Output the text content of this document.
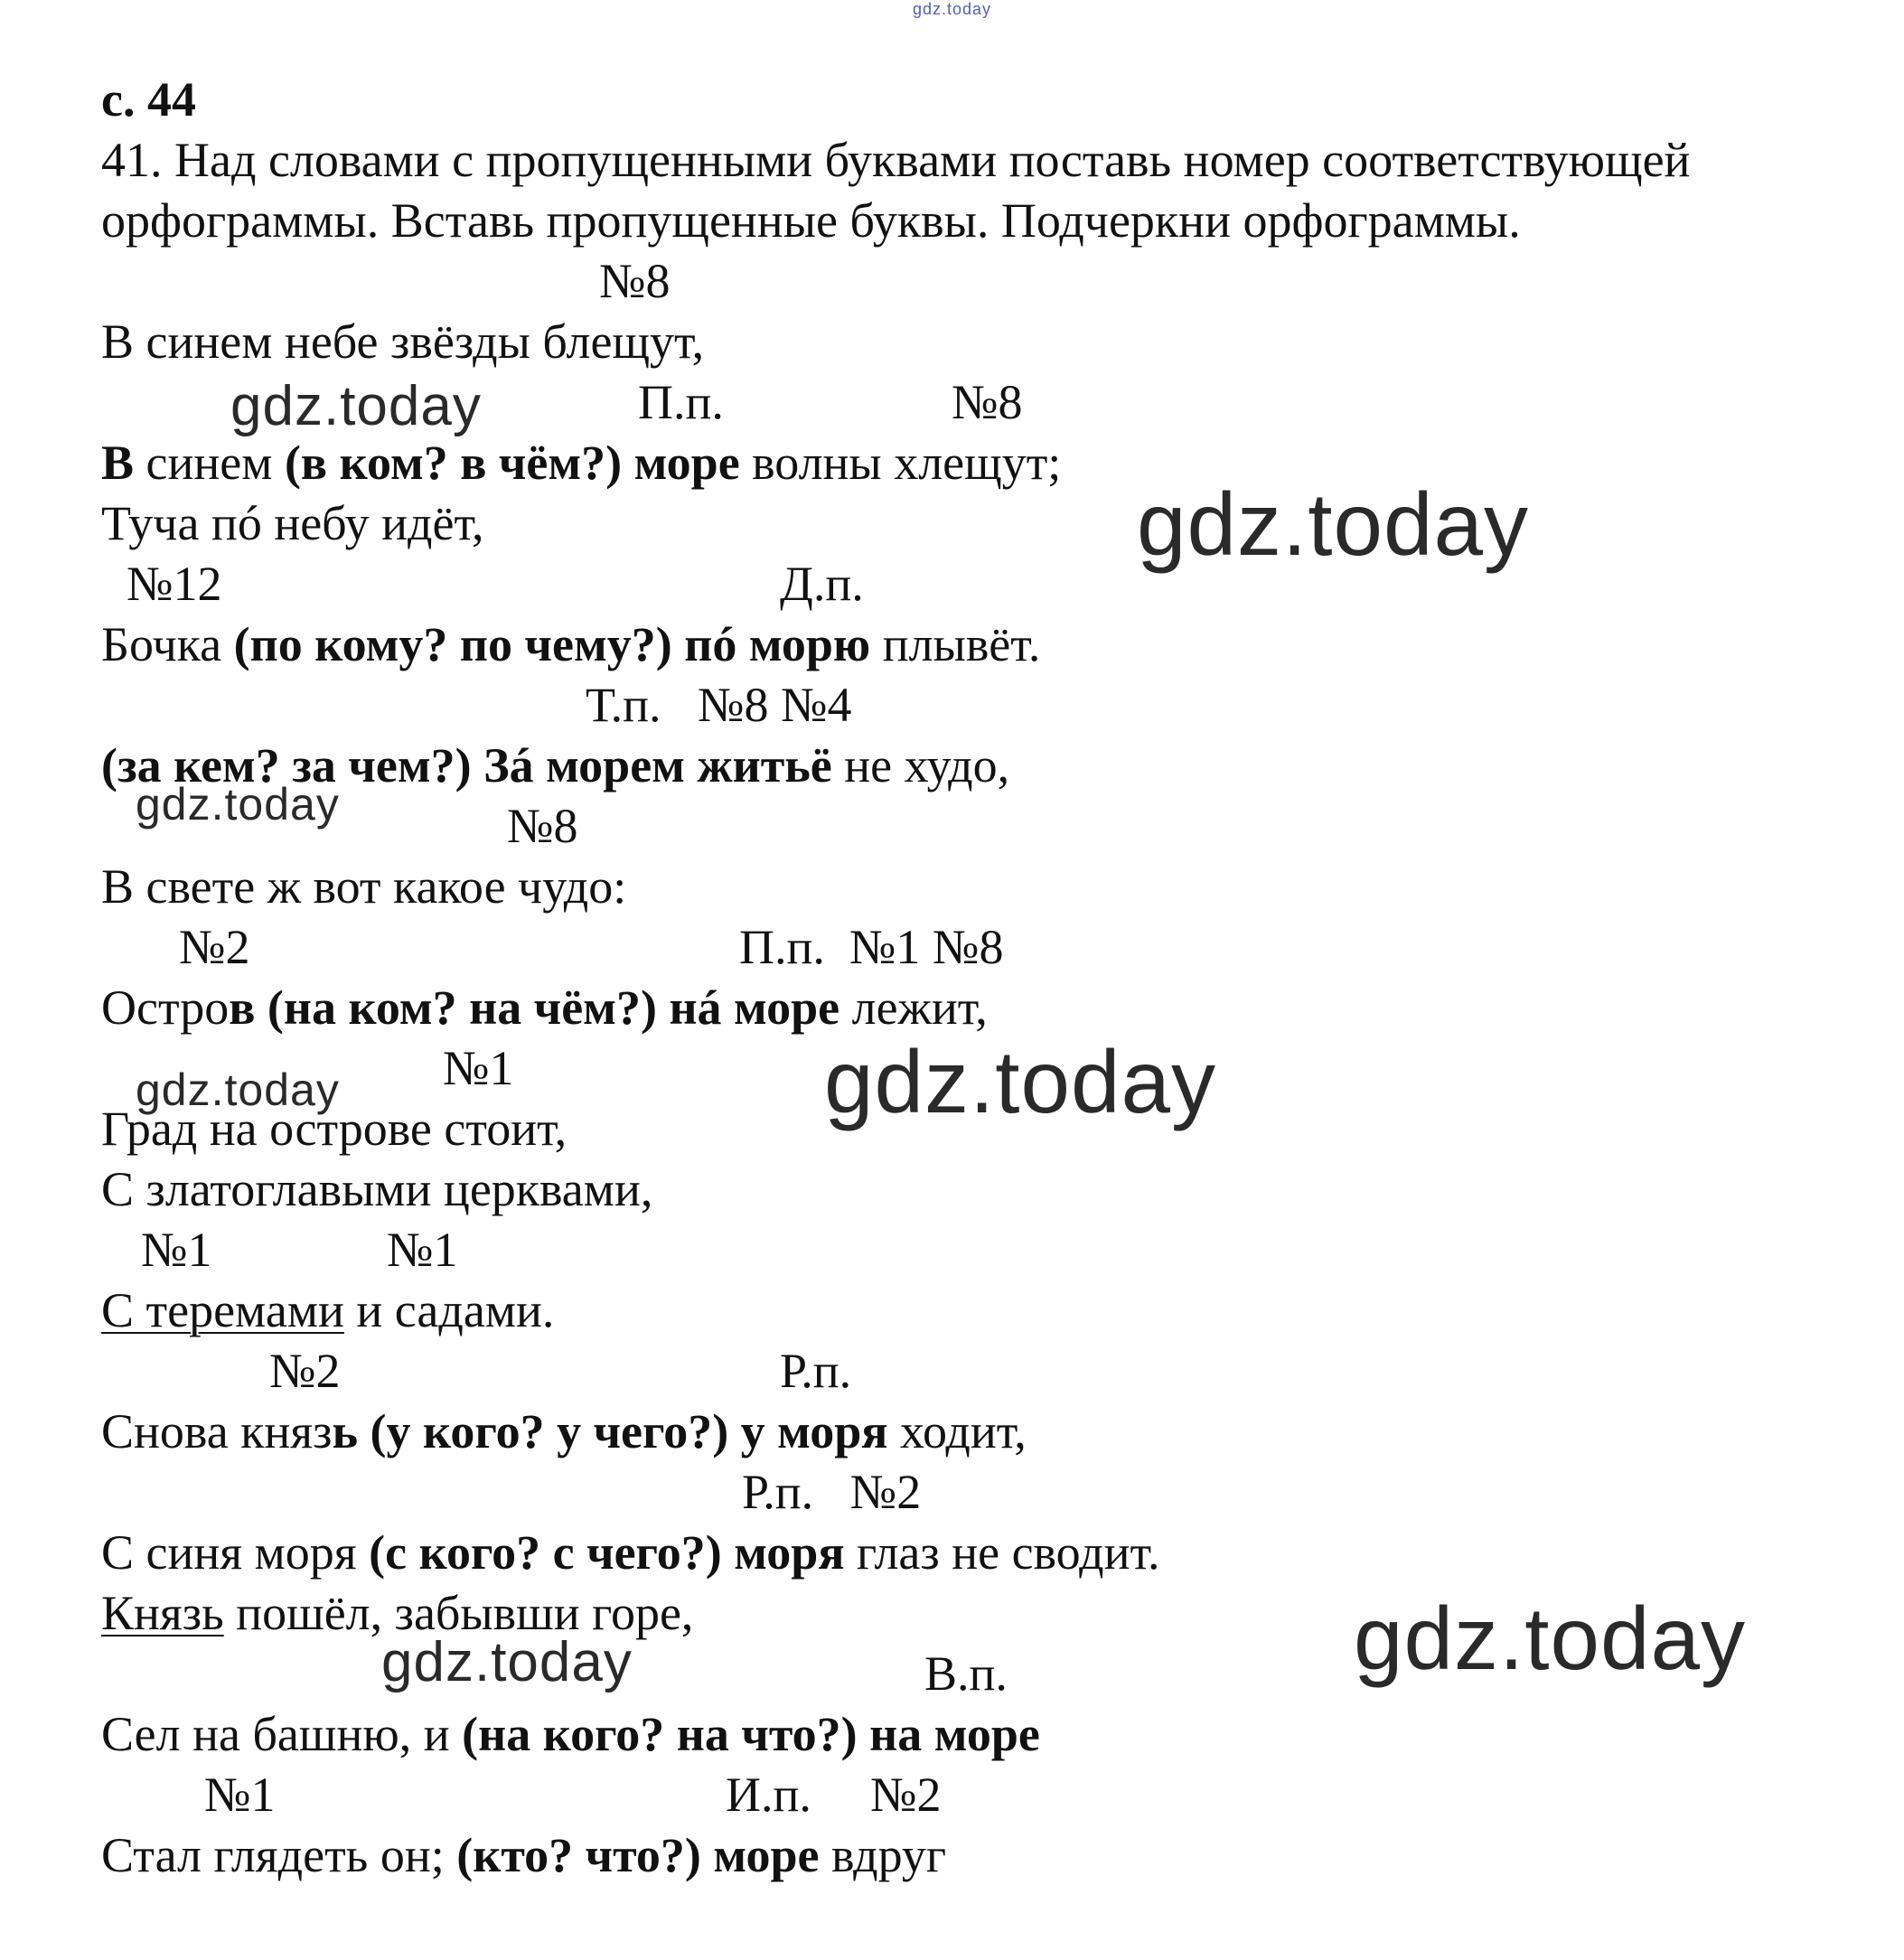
gdz.today
с. 44
41. Над словами с пропущенными буквами поставь номер соответствующей
орфограммы. Вставь пропущенные буквы. Подчеркни орфограммы.
№8
В синем небе звёзды блещут,
П.п.	№8
В синем (в ком? в чём?) море волны хлещут;
Туча пó небу идёт,
№12	Д.п.
Бочка (по кому? по чему?) пó морю плывёт.
Т.п.   №8 №4
(за кем? за чем?) Зá морем житьё не худо,
№8
В свете ж вот какое чудо:
№2	П.п.  №1 №8
Остров (на ком? на чём?) нá море лежит,
№1
Град на острове стоит,
С златоглавыми церквами,
№1	№1
С теремами и садами.
№2	Р.п.
Снова князь (у кого? у чего?) у моря ходит,
Р.п.   №2
С синя моря (с кого? с чего?) моря глаз не сводит.
Князь пошёл, забывши горе,
В.п.
Сел на башню, и (на кого? на что?) на море
№1	И.п. №2
Стал глядеть он; (кто? что?) море вдруг
gdz.today
gdz.today
gdz.today
gdz.today	gdz.today
gdz.today	gdz.today
